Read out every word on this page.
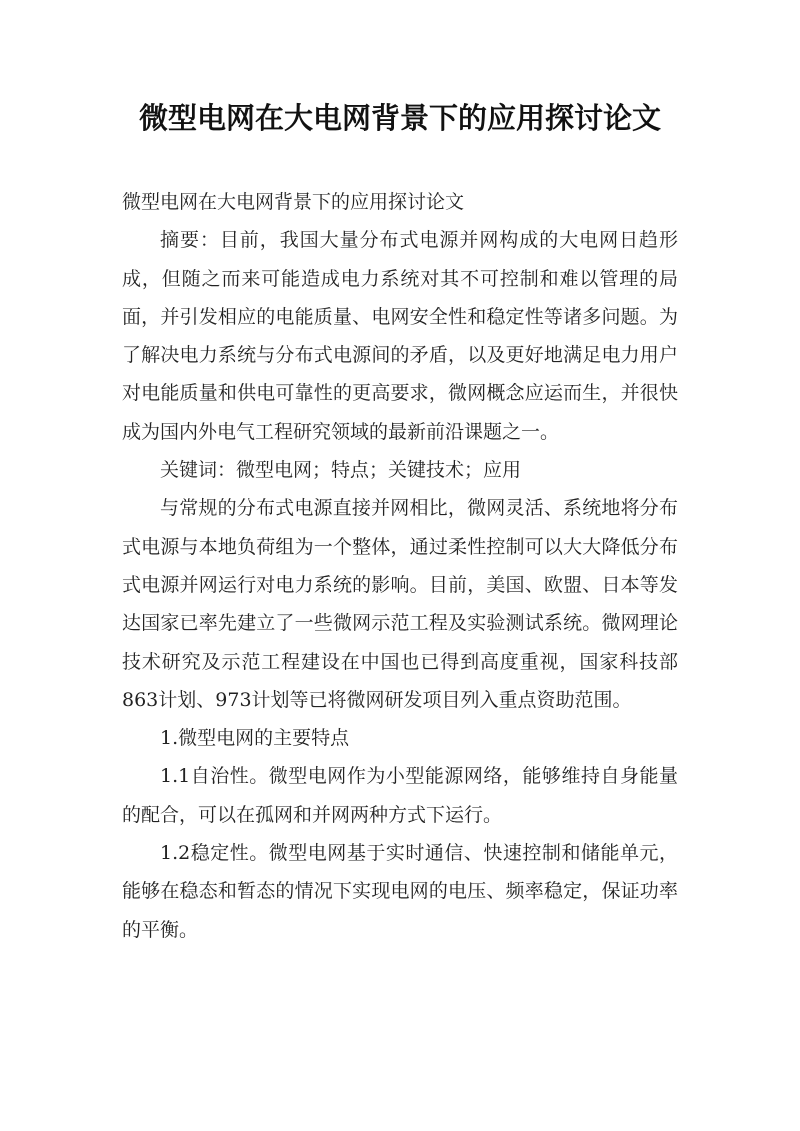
微型电网在大电网背景下的应用探讨论文

微型电网在大电网背景下的应用探讨论文

摘要：目前，我国大量分布式电源并网构成的大电网日趋形成，但随之而来可能造成电力系统对其不可控制和难以管理的局面，并引发相应的电能质量、电网安全性和稳定性等诸多问题。为了解决电力系统与分布式电源间的矛盾，以及更好地满足电力用户对电能质量和供电可靠性的更高要求，微网概念应运而生，并很快成为国内外电气工程研究领域的最新前沿课题之一。

关键词：微型电网；特点；关键技术；应用

与常规的分布式电源直接并网相比，微网灵活、系统地将分布式电源与本地负荷组为一个整体，通过柔性控制可以大大降低分布式电源并网运行对电力系统的影响。目前，美国、欧盟、日本等发达国家已率先建立了一些微网示范工程及实验测试系统。微网理论技术研究及示范工程建设在中国也已得到高度重视，国家科技部863计划、973计划等已将微网研发项目列入重点资助范围。

1.微型电网的主要特点

1.1自治性。微型电网作为小型能源网络，能够维持自身能量的配合，可以在孤网和并网两种方式下运行。

1.2稳定性。微型电网基于实时通信、快速控制和储能单元，能够在稳态和暂态的情况下实现电网的电压、频率稳定，保证功率的平衡。
